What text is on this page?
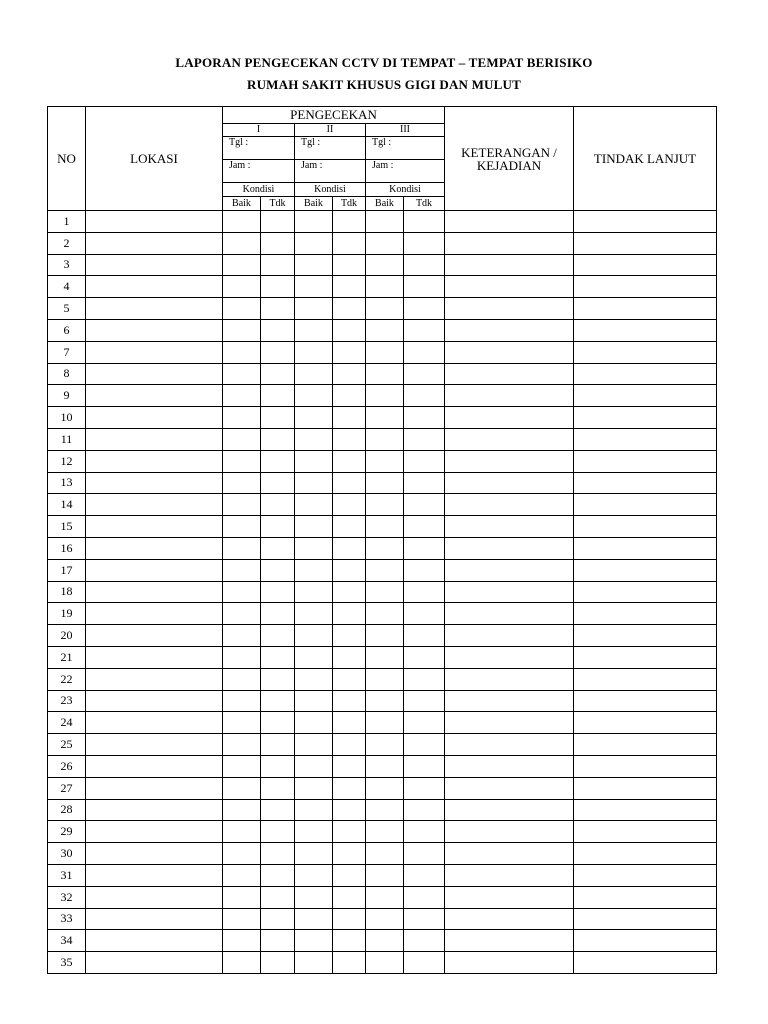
LAPORAN PENGECEKAN CCTV DI TEMPAT – TEMPAT BERISIKO
RUMAH SAKIT KHUSUS GIGI DAN MULUT
NO	LOKASI	PENGECEKAN						KETERANGAN / KEJADIAN	TINDAK LANJUT
		I		II		III			
		Tgl :		Tgl :		Tgl :			
		Jam :		Jam :		Jam :			
		Kondisi		Kondisi		Kondisi			
		Baik	Tdk	Baik	Tdk	Baik	Tdk		
1									
2									
3									
4									
5									
6									
7									
8									
9									
10									
11									
12									
13									
14									
15									
16									
17									
18									
19									
20									
21									
22									
23									
24									
25									
26									
27									
28									
29									
30									
31									
32									
33									
34									
35									
